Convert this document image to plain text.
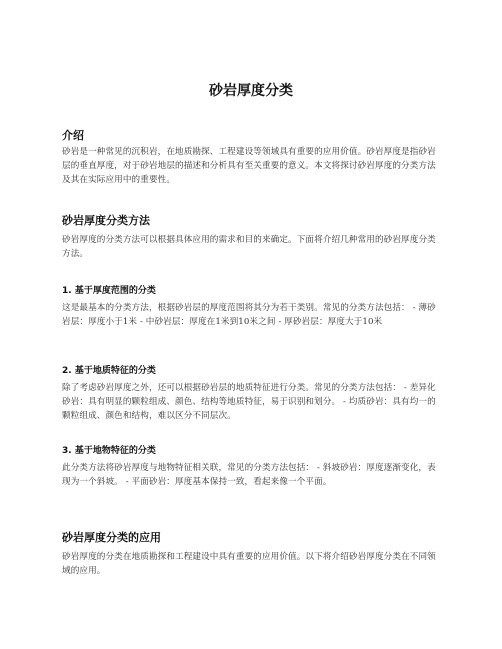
砂岩厚度分类
介绍
砂岩是一种常见的沉积岩，在地质勘探、工程建设等领域具有重要的应用价值。砂岩厚度是指砂岩层的垂直厚度，对于砂岩地层的描述和分析具有至关重要的意义。本文将探讨砂岩厚度的分类方法及其在实际应用中的重要性。
砂岩厚度分类方法
砂岩厚度的分类方法可以根据具体应用的需求和目的来确定。下面将介绍几种常用的砂岩厚度分类方法。
1. 基于厚度范围的分类
这是最基本的分类方法，根据砂岩层的厚度范围将其分为若干类别。常见的分类方法包括： - 薄砂岩层：厚度小于1米 - 中砂岩层：厚度在1米到10米之间 - 厚砂岩层：厚度大于10米
2. 基于地质特征的分类
除了考虑砂岩厚度之外，还可以根据砂岩层的地质特征进行分类。常见的分类方法包括： - 差异化砂岩：具有明显的颗粒组成、颜色、结构等地质特征，易于识别和划分。 - 均质砂岩：具有均一的颗粒组成、颜色和结构，难以区分不同层次。
3. 基于地物特征的分类
此分类方法将砂岩厚度与地物特征相关联，常见的分类方法包括： - 斜坡砂岩：厚度逐渐变化，表现为一个斜坡。 - 平面砂岩：厚度基本保持一致，看起来像一个平面。
砂岩厚度分类的应用
砂岩厚度的分类在地质勘探和工程建设中具有重要的应用价值。以下将介绍砂岩厚度分类在不同领域的应用。
